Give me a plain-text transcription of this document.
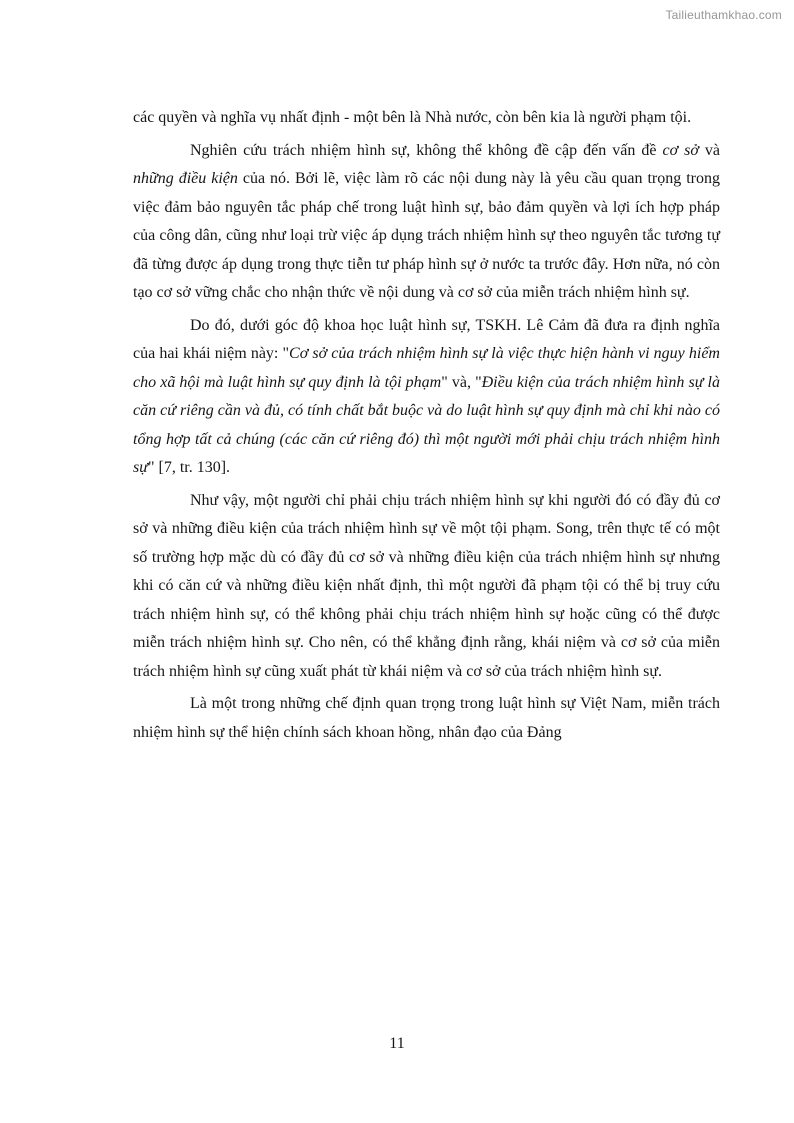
Tailieuthamkhao.com

các quyền và nghĩa vụ nhất định - một bên là Nhà nước, còn bên kia là người phạm tội.

Nghiên cứu trách nhiệm hình sự, không thể không đề cập đến vấn đề cơ sở và những điều kiện của nó. Bởi lẽ, việc làm rõ các nội dung này là yêu cầu quan trọng trong việc đảm bảo nguyên tắc pháp chế trong luật hình sự, bảo đảm quyền và lợi ích hợp pháp của công dân, cũng như loại trừ việc áp dụng trách nhiệm hình sự theo nguyên tắc tương tự đã từng được áp dụng trong thực tiễn tư pháp hình sự ở nước ta trước đây. Hơn nữa, nó còn tạo cơ sở vững chắc cho nhận thức về nội dung và cơ sở của miễn trách nhiệm hình sự.

Do đó, dưới góc độ khoa học luật hình sự, TSKH. Lê Cảm đã đưa ra định nghĩa của hai khái niệm này: "Cơ sở của trách nhiệm hình sự là việc thực hiện hành vi nguy hiểm cho xã hội mà luật hình sự quy định là tội phạm" và, "Điều kiện của trách nhiệm hình sự là căn cứ riêng cần và đủ, có tính chất bắt buộc và do luật hình sự quy định mà chỉ khi nào có tổng hợp tất cả chúng (các căn cứ riêng đó) thì một người mới phải chịu trách nhiệm hình sự" [7, tr. 130].

Như vậy, một người chỉ phải chịu trách nhiệm hình sự khi người đó có đầy đủ cơ sở và những điều kiện của trách nhiệm hình sự về một tội phạm. Song, trên thực tế có một số trường hợp mặc dù có đầy đủ cơ sở và những điều kiện của trách nhiệm hình sự nhưng khi có căn cứ và những điều kiện nhất định, thì một người đã phạm tội có thể bị truy cứu trách nhiệm hình sự, có thể không phải chịu trách nhiệm hình sự hoặc cũng có thể được miễn trách nhiệm hình sự. Cho nên, có thể khẳng định rằng, khái niệm và cơ sở của miễn trách nhiệm hình sự cũng xuất phát từ khái niệm và cơ sở của trách nhiệm hình sự.

Là một trong những chế định quan trọng trong luật hình sự Việt Nam, miễn trách nhiệm hình sự thể hiện chính sách khoan hồng, nhân đạo của Đảng

11
